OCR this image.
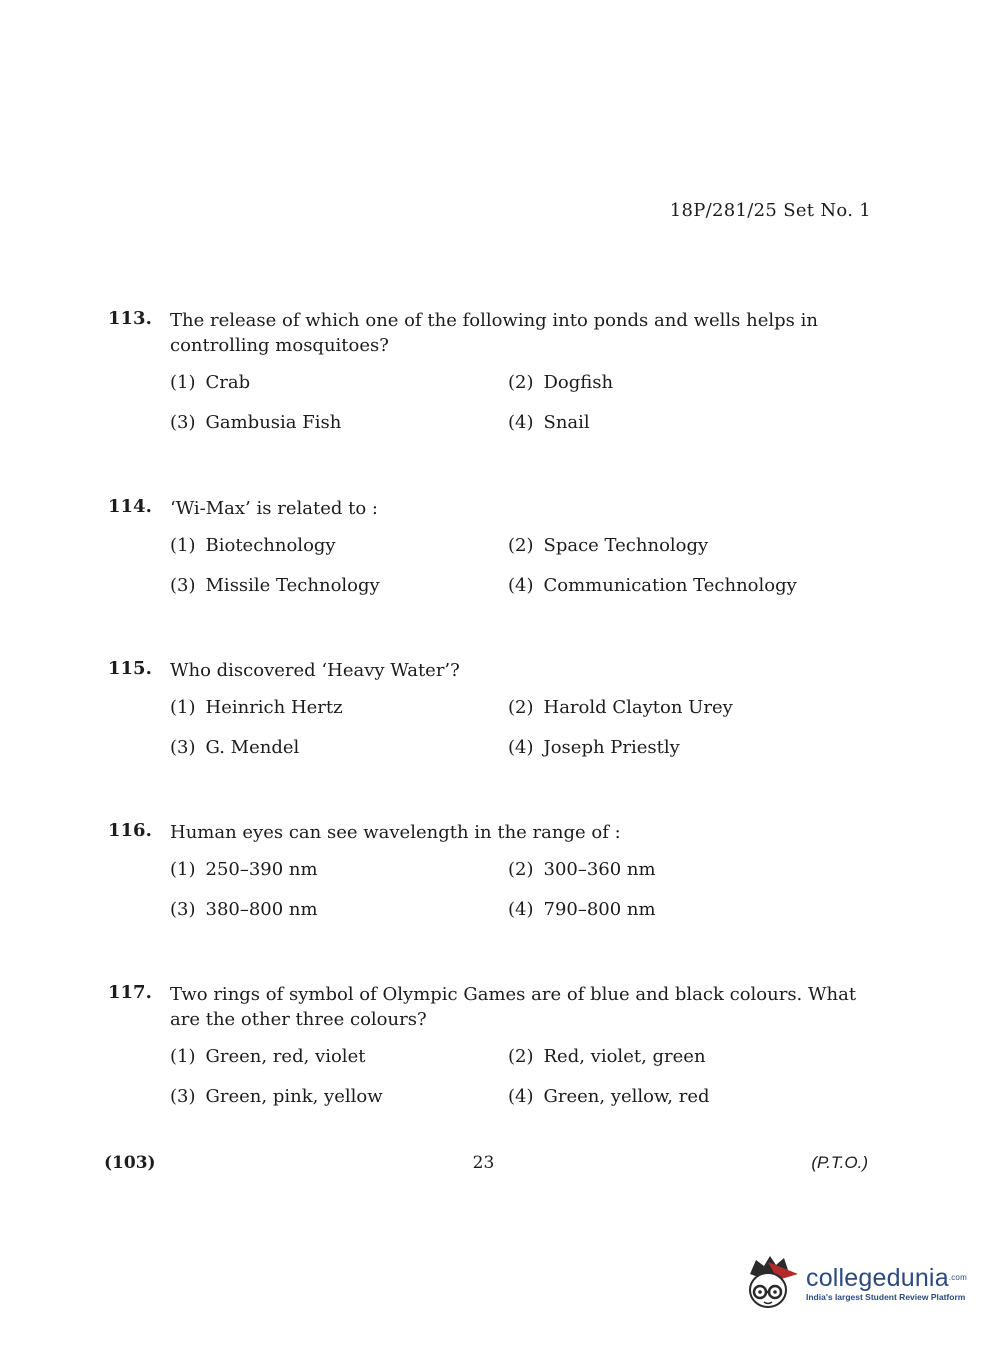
18P/281/25 Set No. 1
113.	The release of which one of the following into ponds and wells helps in controlling mosquitoes?
(1) Crab	(2) Dogfish
(3) Gambusia Fish	(4) Snail
114.	‘Wi-Max’ is related to :
(1) Biotechnology	(2) Space Technology
(3) Missile Technology	(4) Communication Technology
115.	Who discovered ‘Heavy Water’?
(1) Heinrich Hertz	(2) Harold Clayton Urey
(3) G. Mendel	(4) Joseph Priestly
116.	Human eyes can see wavelength in the range of :
(1) 250–390 nm	(2) 300–360 nm
(3) 380–800 nm	(4) 790–800 nm
117.	Two rings of symbol of Olympic Games are of blue and black colours. What are the other three colours?
(1) Green, red, violet	(2) Red, violet, green
(3) Green, pink, yellow	(4) Green, yellow, red
(103)	23	(P.T.O.)
collegedunia$^{.com}$
India's largest Student Review Platform
